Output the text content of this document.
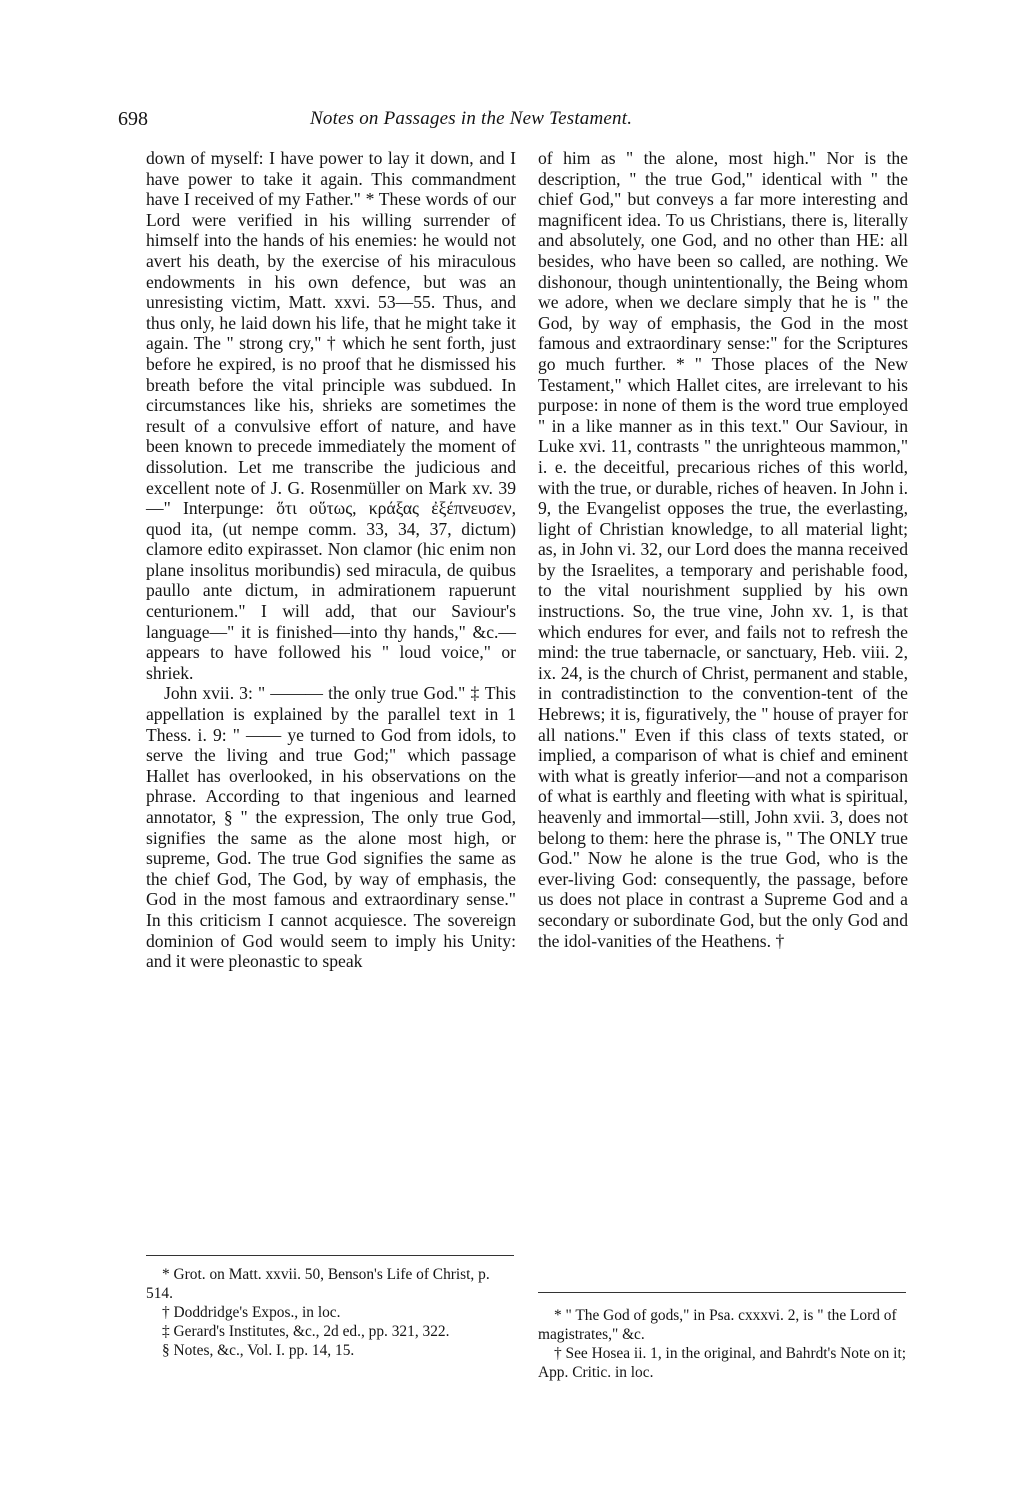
698	Notes on Passages in the New Testament.

down of myself: I have power to lay it down, and I have power to take it again. This commandment have I received of my Father." * These words of our Lord were verified in his willing surrender of himself into the hands of his enemies: he would not avert his death, by the exercise of his miraculous endowments in his own defence, but was an unresisting victim, Matt. xxvi. 53—55. Thus, and thus only, he laid down his life, that he might take it again. The " strong cry," † which he sent forth, just before he expired, is no proof that he dismissed his breath before the vital principle was subdued. In circumstances like his, shrieks are sometimes the result of a convulsive effort of nature, and have been known to precede immediately the moment of dissolution. Let me transcribe the judicious and excellent note of J. G. Rosenmüller on Mark xv. 39—" Interpunge: ὅτι οὕτως, κράξας ἐξέπνευσεν, quod ita, (ut nempe comm. 33, 34, 37, dictum) clamore edito expirasset. Non clamor (hic enim non plane insolitus moribundis) sed miracula, de quibus paullo ante dictum, in admirationem rapuerunt centurionem." I will add, that our Saviour's language—" it is finished—into thy hands," &c.—appears to have followed his " loud voice," or shriek.

John xvii. 3: " ——— the only true God." ‡ This appellation is explained by the parallel text in 1 Thess. i. 9: " —— ye turned to God from idols, to serve the living and true God;" which passage Hallet has overlooked, in his observations on the phrase. According to that ingenious and learned annotator, § " the expression, The only true God, signifies the same as the alone most high, or supreme, God. The true God signifies the same as the chief God, The God, by way of emphasis, the God in the most famous and extraordinary sense." In this criticism I cannot acquiesce. The sovereign dominion of God would seem to imply his Unity: and it were pleonastic to speak

of him as " the alone, most high." Nor is the description, " the true God," identical with " the chief God," but conveys a far more interesting and magnificent idea. To us Christians, there is, literally and absolutely, one God, and no other than HE: all besides, who have been so called, are nothing. We dishonour, though unintentionally, the Being whom we adore, when we declare simply that he is " the God, by way of emphasis, the God in the most famous and extraordinary sense:" for the Scriptures go much further. * " Those places of the New Testament," which Hallet cites, are irrelevant to his purpose: in none of them is the word true employed " in a like manner as in this text." Our Saviour, in Luke xvi. 11, contrasts " the unrighteous mammon," i. e. the deceitful, precarious riches of this world, with the true, or durable, riches of heaven. In John i. 9, the Evangelist opposes the true, the everlasting, light of Christian knowledge, to all material light; as, in John vi. 32, our Lord does the manna received by the Israelites, a temporary and perishable food, to the vital nourishment supplied by his own instructions. So, the true vine, John xv. 1, is that which endures for ever, and fails not to refresh the mind: the true tabernacle, or sanctuary, Heb. viii. 2, ix. 24, is the church of Christ, permanent and stable, in contradistinction to the convention-tent of the Hebrews; it is, figuratively, the " house of prayer for all nations." Even if this class of texts stated, or implied, a comparison of what is chief and eminent with what is greatly inferior—and not a comparison of what is earthly and fleeting with what is spiritual, heavenly and immortal—still, John xvii. 3, does not belong to them: here the phrase is, " The ONLY true God." Now he alone is the true God, who is the ever-living God: consequently, the passage, before us does not place in contrast a Supreme God and a secondary or subordinate God, but the only God and the idol-vanities of the Heathens. †

* Grot. on Matt. xxvii. 50, Benson's Life of Christ, p. 514.

† Doddridge's Expos., in loc.

‡ Gerard's Institutes, &c., 2d ed., pp. 321, 322.

§ Notes, &c., Vol. I. pp. 14, 15.

* " The God of gods," in Psa. cxxxvi. 2, is " the Lord of magistrates," &c.

† See Hosea ii. 1, in the original, and Bahrdt's Note on it; App. Critic. in loc.
